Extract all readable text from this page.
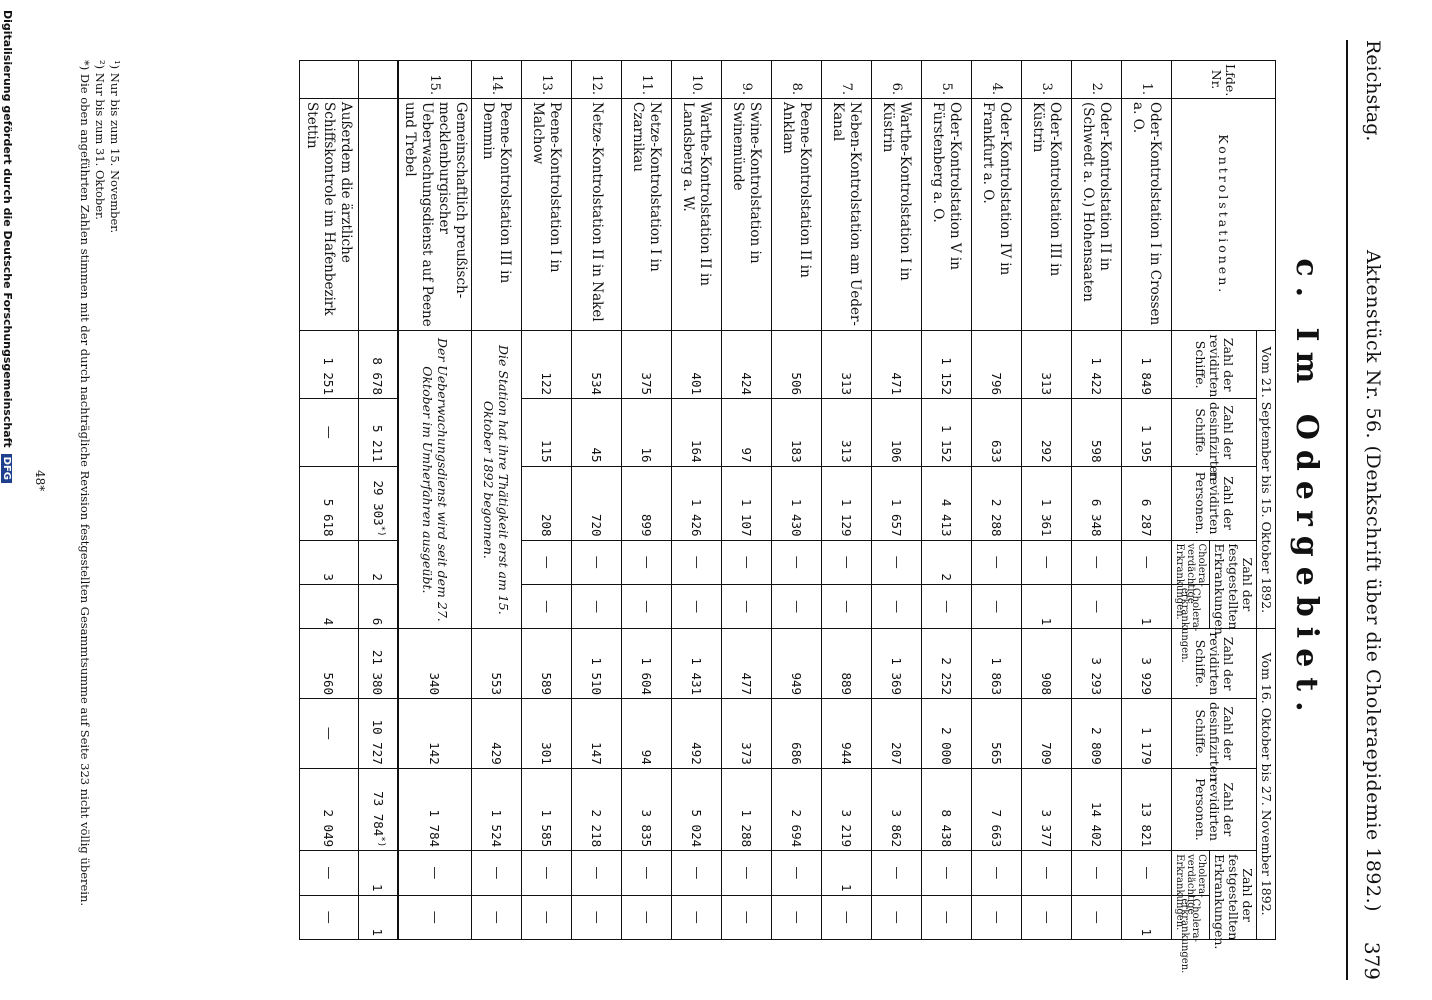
Reichstag.
Aktenstück Nr. 56. (Denkschrift über die Choleraepidemie 1892.)
379
c. Im Odergebiet.
Lfde. Nr.	Kontrolstationen.	Vom 21. September bis 15. Oktober 1892.					Vom 16. Oktober bis 27. November 1892.				
		Zahl der revidirten Schiffe.	Zahl der desinfizirten Schiffe.	Zahl der revidirten Personen.	Zahl der festgestellten Erkrankungen.		Zahl der revidirten Schiffe.	Zahl der desinfizirten Schiffe.	Zahl der revidirten Personen.	Zahl der festgestellten Erkrankungen.	
					Cholera-verdächtige Erkrankungen.	Cholera-erkrankungen.				Cholera-verdächtige Erkrankungen.	Cholera-erkrankungen.
1.	Oder-Kontrolstation I in Crossen a. O.	1 849	1 195	6 287	—	1	3 929	1 179	13 821	—	1
2.	Oder-Kontrolstation II in (Schwedt a. O.) Hohensaaten	1 422	598	6 348	—	—	3 293	2 809	14 402	—	—
3.	Oder-Kontrolstation III in Küstrin	313	292	1 361	—	1	908	709	3 377	—	—
4.	Oder-Kontrolstation IV in Frankfurt a. O.	796	633	2 288	—	—	1 863	565	7 663	—	—
5.	Oder-Kontrolstation V in Fürstenberg a. O.	1 152	1 152	4 413	2	—	2 252	2 000	8 438	—	—
6.	Warthe-Kontrolstation I in Küstrin	471	106	1 657	—	—	1 369	207	3 862	—	—
7.	Neben-Kontrolstation am Ueder-Kanal	313	313	1 129	—	—	889	944	3 219	1	—
8.	Peene-Kontrolstation II in Anklam	506	183	1 430	—	—	949	686	2 694	—	—
9.	Swine-Kontrolstation in Swinemünde	424	97	1 107	—	—	477	373	1 288	—	—
10.	Warthe-Kontrolstation II in Landsberg a. W.	401	164	1 426	—	—	1 431	492	5 024	—	—
11.	Netze-Kontrolstation I in Czarnikau	375	16	899	—	—	1 604	94	3 835	—	—
12.	Netze-Kontrolstation II in Nakel	534	45	720	—	—	1 510	147	2 218	—	—
13.	Peene-Kontrolstation I in Malchow	122	115	208	—	—	589	301	1 585	—	—
14.	Peene-Kontrolstation III in Demmin	Die Station hat ihre Thätigkeit erst am 15. Oktober 1892 begonnen.					553	429	1 524	—	—
15.	Gemeinschaftlich preußisch-mecklenburgischer Ueberwachungsdienst auf Peene und Trebel	Der Ueberwachungsdienst wird seit dem 27. Oktober im Umherfahren ausgeübt.					340	142	1 784	—	—
		8 678	5 211	29 303*)	2	6	21 380	10 727	73 784*)	1	1
	Außerdem die ärztliche Schiffskontrole im Hafenbezirk Stettin	1 251	—	5 618	3	4	560	—	2 049	—	—
¹) Nur bis zum 15. November.
²) Nur bis zum 31. Oktober.
*) Die oben angeführten Zahlen stimmen mit der durch nachträgliche Revision festgestellten Gesammtsumme auf Seite 323 nicht völlig überein.
48*
Digitalisierung gefördert durch die Deutsche ForschungsgemeinschaftDFG
